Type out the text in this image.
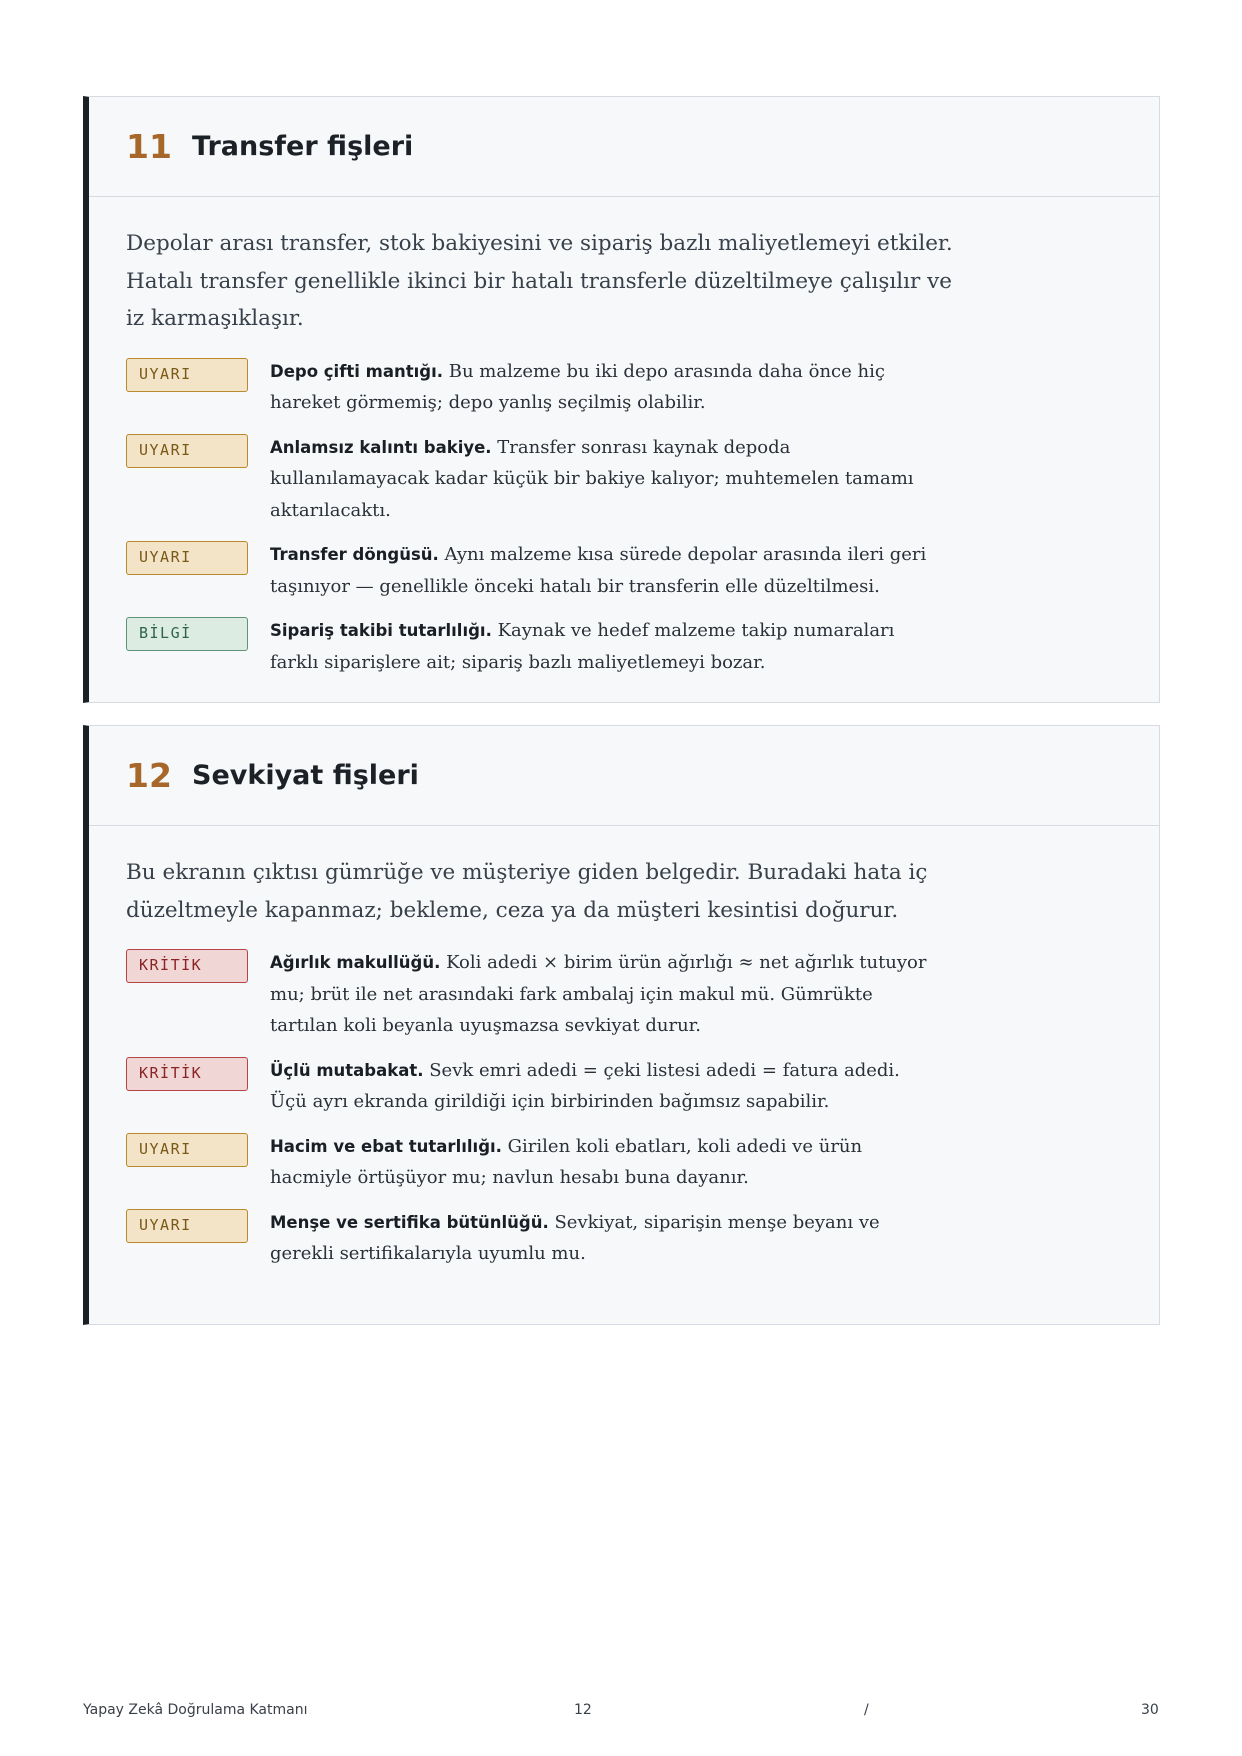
11 Transfer fişleri

Depolar arası transfer, stok bakiyesini ve sipariş bazlı maliyetlemeyi etkiler. Hatalı transfer genellikle ikinci bir hatalı transferle düzeltilmeye çalışılır ve iz karmaşıklaşır.

UYARI	Depo çifti mantığı. Bu malzeme bu iki depo arasında daha önce hiç hareket görmemiş; depo yanlış seçilmiş olabilir.
UYARI	Anlamsız kalıntı bakiye. Transfer sonrası kaynak depoda kullanılamayacak kadar küçük bir bakiye kalıyor; muhtemelen tamamı aktarılacaktı.
UYARI	Transfer döngüsü. Aynı malzeme kısa sürede depolar arasında ileri geri taşınıyor — genellikle önceki hatalı bir transferin elle düzeltilmesi.
BİLGİ	Sipariş takibi tutarlılığı. Kaynak ve hedef malzeme takip numaraları farklı siparişlere ait; sipariş bazlı maliyetlemeyi bozar.
12 Sevkiyat fişleri

Bu ekranın çıktısı gümrüğe ve müşteriye giden belgedir. Buradaki hata iç düzeltmeyle kapanmaz; bekleme, ceza ya da müşteri kesintisi doğurur.

KRİTİK	Ağırlık makullüğü. Koli adedi × birim ürün ağırlığı ≈ net ağırlık tutuyor mu; brüt ile net arasındaki fark ambalaj için makul mü. Gümrükte tartılan koli beyanla uyuşmazsa sevkiyat durur.
KRİTİK	Üçlü mutabakat. Sevk emri adedi = çeki listesi adedi = fatura adedi. Üçü ayrı ekranda girildiği için birbirinden bağımsız sapabilir.
UYARI	Hacim ve ebat tutarlılığı. Girilen koli ebatları, koli adedi ve ürün hacmiyle örtüşüyor mu; navlun hesabı buna dayanır.
UYARI	Menşe ve sertifika bütünlüğü. Sevkiyat, siparişin menşe beyanı ve gerekli sertifikalarıyla uyumlu mu.
Yapay Zekâ Doğrulama Katmanı	12	/	30
